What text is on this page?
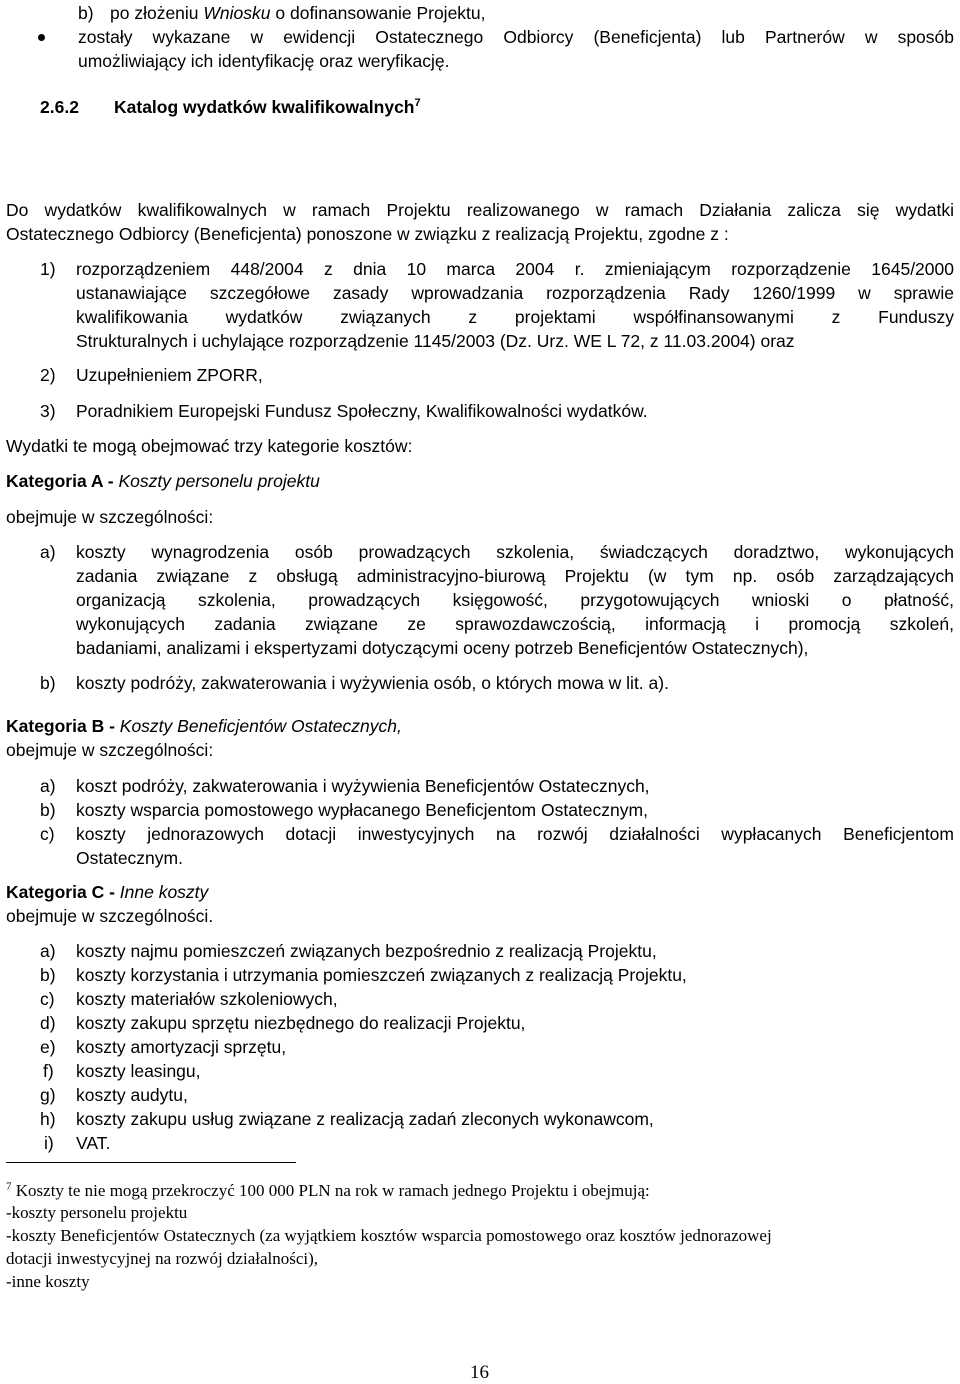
b) po złożeniu Wniosku o dofinansowanie Projektu,
zostały wykazane w ewidencji Ostatecznego Odbiorcy (Beneficjenta) lub Partnerów w sposób
umożliwiający ich identyfikację oraz weryfikację.
2.6.2 Katalog wydatków kwalifikowalnych$^7$
Do wydatków kwalifikowalnych w ramach Projektu realizowanego w ramach Działania zalicza się wydatki
Ostatecznego Odbiorcy (Beneficjenta) ponoszone w związku z realizacją Projektu, zgodne z :
1) rozporządzeniem 448/2004 z dnia 10 marca 2004 r. zmieniającym rozporządzenie 1645/2000
ustanawiające szczegółowe zasady wprowadzania rozporządzenia Rady 1260/1999 w sprawie
kwalifikowania wydatków związanych z projektami współfinansowanymi z Funduszy
Strukturalnych i uchylające rozporządzenie 1145/2003 (Dz. Urz. WE L 72, z 11.03.2004) oraz
2) Uzupełnieniem ZPORR,
3) Poradnikiem Europejski Fundusz Społeczny, Kwalifikowalności wydatków.
Wydatki te mogą obejmować trzy kategorie kosztów:
Kategoria A - Koszty personelu projektu
obejmuje w szczególności:
a) koszty wynagrodzenia osób prowadzących szkolenia, świadczących doradztwo, wykonujących
zadania związane z obsługą administracyjno-biurową Projektu (w tym np. osób zarządzających
organizacją szkolenia, prowadzących księgowość, przygotowujących wnioski o płatność,
wykonujących zadania związane ze sprawozdawczością, informacją i promocją szkoleń,
badaniami, analizami i ekspertyzami dotyczącymi oceny potrzeb Beneficjentów Ostatecznych),
b) koszty podróży, zakwaterowania i wyżywienia osób, o których mowa w lit. a).
Kategoria B - Koszty Beneficjentów Ostatecznych,
obejmuje w szczególności:
a) koszt podróży, zakwaterowania i wyżywienia Beneficjentów Ostatecznych,
b) koszty wsparcia pomostowego wypłacanego Beneficjentom Ostatecznym,
c) koszty jednorazowych dotacji inwestycyjnych na rozwój działalności wypłacanych Beneficjentom
Ostatecznym.
Kategoria C - Inne koszty
obejmuje w szczególności.
a) koszty najmu pomieszczeń związanych bezpośrednio z realizacją Projektu,
b) koszty korzystania i utrzymania pomieszczeń związanych z realizacją Projektu,
c) koszty materiałów szkoleniowych,
d) koszty zakupu sprzętu niezbędnego do realizacji Projektu,
e) koszty amortyzacji sprzętu,
f) koszty leasingu,
g) koszty audytu,
h) koszty zakupu usług związane z realizacją zadań zleconych wykonawcom,
i) VAT.
$^7$ Koszty te nie mogą przekroczyć 100 000 PLN na rok w ramach jednego Projektu i obejmują:
-koszty personelu projektu
-koszty Beneficjentów Ostatecznych (za wyjątkiem kosztów wsparcia pomostowego oraz kosztów jednorazowej
dotacji inwestycyjnej na rozwój działalności),
-inne koszty
16
